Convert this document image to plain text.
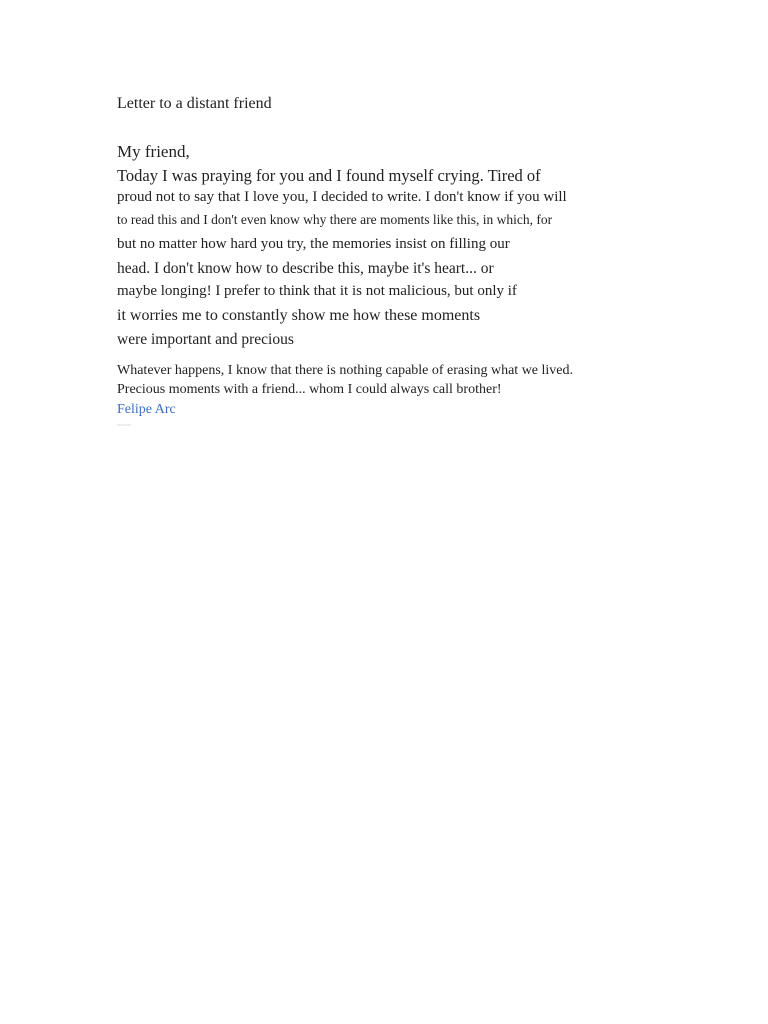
Letter to a distant friend

My friend,

Today I was praying for you and I found myself crying. Tired of

proud not to say that I love you, I decided to write. I don't know if you will

to read this and I don't even know why there are moments like this, in which, for

but no matter how hard you try, the memories insist on filling our

head. I don't know how to describe this, maybe it's heart... or

maybe longing! I prefer to think that it is not malicious, but only if

it worries me to constantly show me how these moments

were important and precious

Whatever happens, I know that there is nothing capable of erasing what we lived.

Precious moments with a friend... whom I could always call brother!

Felipe Arc
